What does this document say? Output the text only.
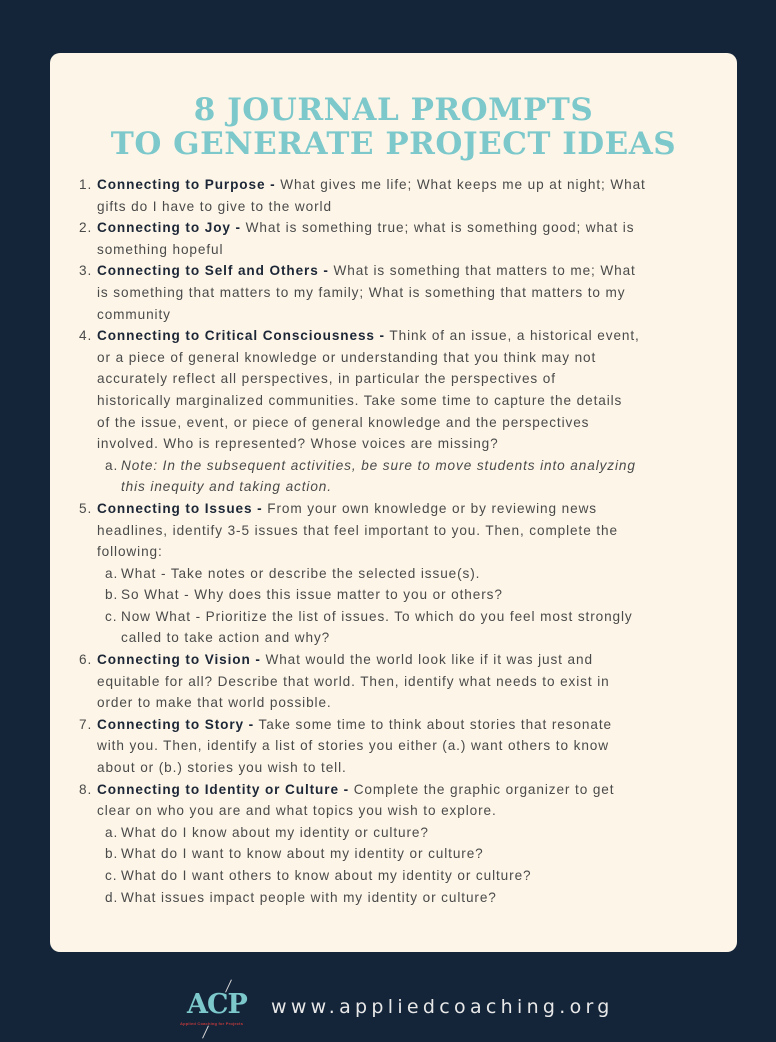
8 JOURNAL PROMPTS
TO GENERATE PROJECT IDEAS
1. Connecting to Purpose - What gives me life; What keeps me up at night; What
gifts do I have to give to the world
2. Connecting to Joy - What is something true; what is something good; what is
something hopeful
3. Connecting to Self and Others - What is something that matters to me; What
is something that matters to my family; What is something that matters to my
community
4. Connecting to Critical Consciousness - Think of an issue, a historical event,
or a piece of general knowledge or understanding that you think may not
accurately reflect all perspectives, in particular the perspectives of
historically marginalized communities. Take some time to capture the details
of the issue, event, or piece of general knowledge and the perspectives
involved. Who is represented? Whose voices are missing?
a. Note: In the subsequent activities, be sure to move students into analyzing
this inequity and taking action.
5. Connecting to Issues - From your own knowledge or by reviewing news
headlines, identify 3-5 issues that feel important to you. Then, complete the
following:
a. What - Take notes or describe the selected issue(s).
b. So What - Why does this issue matter to you or others?
c. Now What - Prioritize the list of issues. To which do you feel most strongly
called to take action and why?
6. Connecting to Vision - What would the world look like if it was just and
equitable for all? Describe that world. Then, identify what needs to exist in
order to make that world possible.
7. Connecting to Story - Take some time to think about stories that resonate
with you. Then, identify a list of stories you either (a.) want others to know
about or (b.) stories you wish to tell.
8. Connecting to Identity or Culture - Complete the graphic organizer to get
clear on who you are and what topics you wish to explore.
a. What do I know about my identity or culture?
b. What do I want to know about my identity or culture?
c. What do I want others to know about my identity or culture?
d. What issues impact people with my identity or culture?
ACP
Applied Coaching for Projects
www.appliedcoaching.org
